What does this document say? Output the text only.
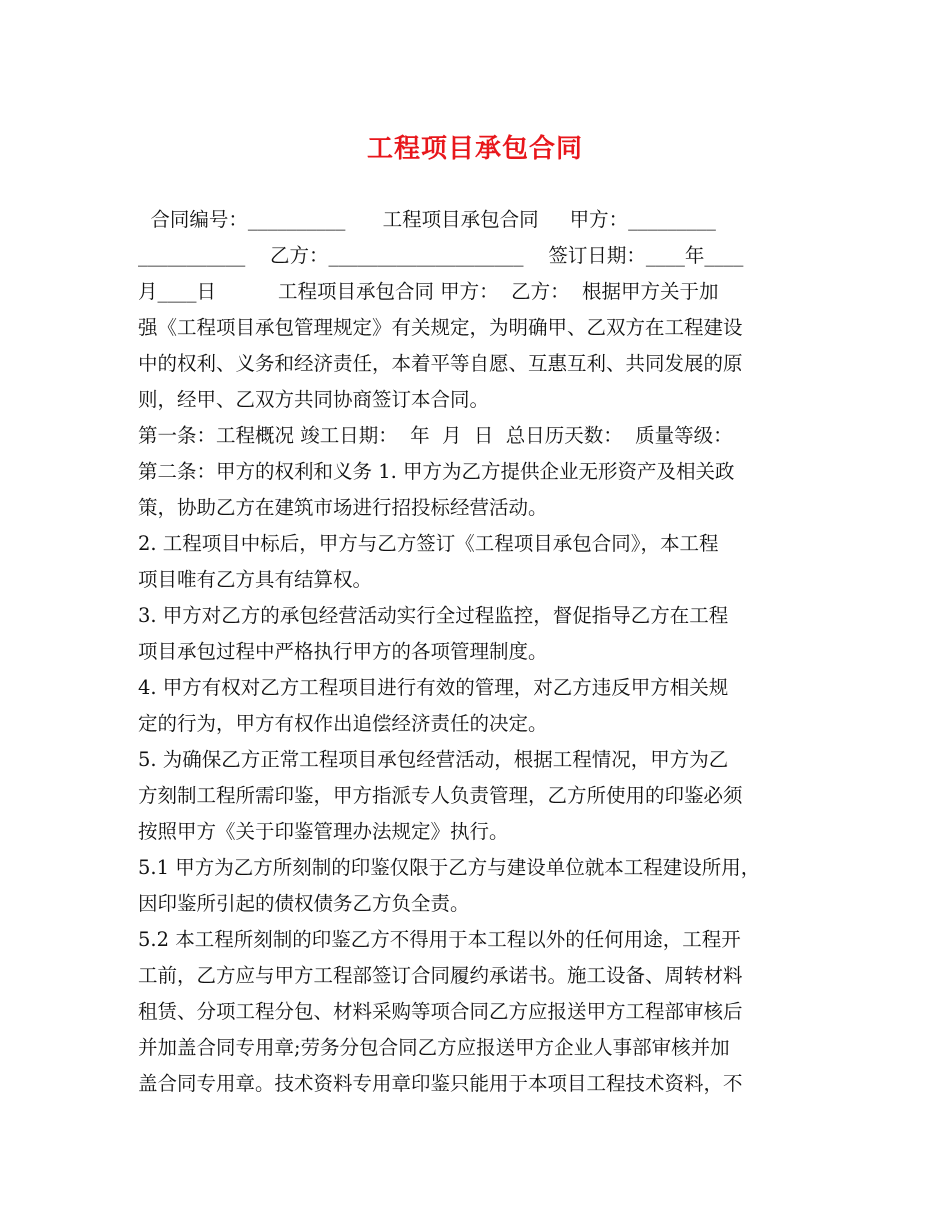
工程项目承包合同
合同编号：__________      工程项目承包合同     甲方：_________
___________    乙方：____________________    签订日期：____年____
月____日          工程项目承包合同 甲方：  乙方：  根据甲方关于加
强《工程项目承包管理规定》有关规定，为明确甲、乙双方在工程建设
中的权利、义务和经济责任，本着平等自愿、互惠互利、共同发展的原
则，经甲、乙双方共同协商签订本合同。
第一条：工程概况 竣工日期：  年  月  日  总日历天数：  质量等级：
第二条：甲方的权利和义务 1. 甲方为乙方提供企业无形资产及相关政
策，协助乙方在建筑市场进行招投标经营活动。
2. 工程项目中标后，甲方与乙方签订《工程项目承包合同》，本工程
项目唯有乙方具有结算权。
3. 甲方对乙方的承包经营活动实行全过程监控，督促指导乙方在工程
项目承包过程中严格执行甲方的各项管理制度。
4. 甲方有权对乙方工程项目进行有效的管理，对乙方违反甲方相关规
定的行为，甲方有权作出追偿经济责任的决定。
5. 为确保乙方正常工程项目承包经营活动，根据工程情况，甲方为乙
方刻制工程所需印鉴，甲方指派专人负责管理，乙方所使用的印鉴必须
按照甲方《关于印鉴管理办法规定》执行。
5.1 甲方为乙方所刻制的印鉴仅限于乙方与建设单位就本工程建设所用，
因印鉴所引起的债权债务乙方负全责。
5.2 本工程所刻制的印鉴乙方不得用于本工程以外的任何用途，工程开
工前，乙方应与甲方工程部签订合同履约承诺书。施工设备、周转材料
租赁、分项工程分包、材料采购等项合同乙方应报送甲方工程部审核后
并加盖合同专用章;劳务分包合同乙方应报送甲方企业人事部审核并加
盖合同专用章。技术资料专用章印鉴只能用于本项目工程技术资料，不
